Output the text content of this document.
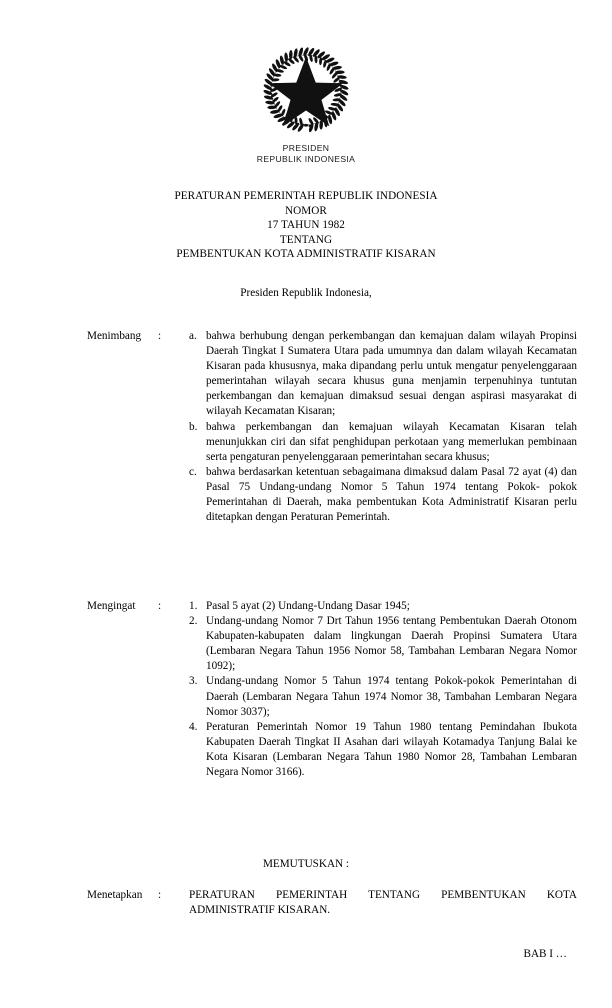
PRESIDEN
REPUBLIK INDONESIA
PERATURAN PEMERINTAH REPUBLIK INDONESIA
NOMOR
17 TAHUN 1982
TENTANG
PEMBENTUKAN KOTA ADMINISTRATIF KISARAN
Presiden Republik Indonesia,
Menimbang	:	a. bahwa berhubung dengan perkembangan dan kemajuan dalam wilayah Propinsi Daerah Tingkat I Sumatera Utara pada umumnya dan dalam wilayah Kecamatan Kisaran pada khususnya, maka dipandang perlu untuk mengatur penyelenggaraan pemerintahan wilayah secara khusus guna menjamin terpenuhinya tuntutan perkembangan dan kemajuan dimaksud sesuai dengan aspirasi masyarakat di wilayah Kecamatan Kisaran;
b. bahwa perkembangan dan kemajuan wilayah Kecamatan Kisaran telah menunjukkan ciri dan sifat penghidupan perkotaan yang memerlukan pembinaan serta pengaturan penyelenggaraan pemerintahan secara khusus;
c. bahwa berdasarkan ketentuan sebagaimana dimaksud dalam Pasal 72 ayat (4) dan Pasal 75 Undang-undang Nomor 5 Tahun 1974 tentang Pokok- pokok Pemerintahan di Daerah, maka pembentukan Kota Administratif Kisaran perlu ditetapkan dengan Peraturan Pemerintah.
Mengingat	:	1. Pasal 5 ayat (2) Undang-Undang Dasar 1945;
2. Undang-undang Nomor 7 Drt Tahun 1956 tentang Pembentukan Daerah Otonom Kabupaten-kabupaten dalam lingkungan Daerah Propinsi Sumatera Utara (Lembaran Negara Tahun 1956 Nomor 58, Tambahan Lembaran Negara Nomor 1092);
3. Undang-undang Nomor 5 Tahun 1974 tentang Pokok-pokok Pemerintahan di Daerah (Lembaran Negara Tahun 1974 Nomor 38, Tambahan Lembaran Negara Nomor 3037);
4. Peraturan Pemerintah Nomor 19 Tahun 1980 tentang Pemindahan Ibukota Kabupaten Daerah Tingkat II Asahan dari wilayah Kotamadya Tanjung Balai ke Kota Kisaran (Lembaran Negara Tahun 1980 Nomor 28, Tambahan Lembaran Negara Nomor 3166).
MEMUTUSKAN :
Menetapkan	:	PERATURAN PEMERINTAH TENTANG PEMBENTUKAN KOTA ADMINISTRATIF KISARAN.
BAB I …
